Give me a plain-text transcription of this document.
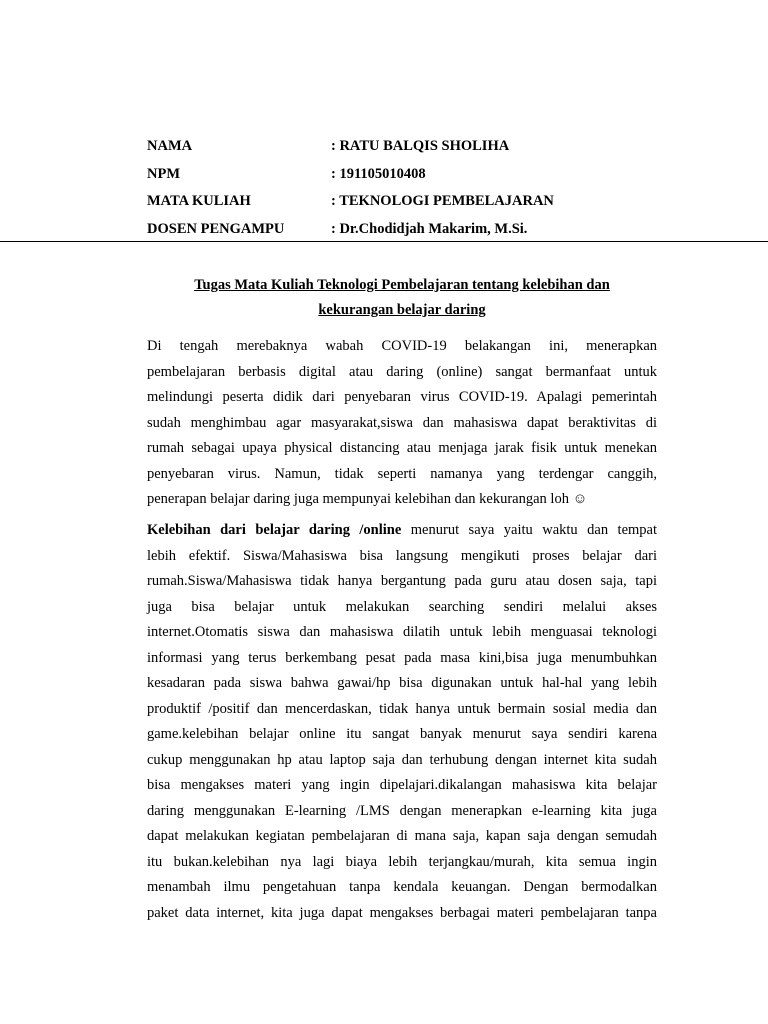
NAMA	: RATU BALQIS SHOLIHA
NPM	: 191105010408
MATA KULIAH	: TEKNOLOGI PEMBELAJARAN
DOSEN PENGAMPU	: Dr.Chodidjah Makarim, M.Si.
Tugas Mata Kuliah Teknologi Pembelajaran tentang kelebihan dan
kekurangan belajar daring
Di tengah merebaknya wabah COVID-19 belakangan ini, menerapkan
pembelajaran berbasis digital atau daring (online) sangat bermanfaat untuk
melindungi peserta didik dari penyebaran virus COVID-19. Apalagi pemerintah
sudah menghimbau agar masyarakat,siswa dan mahasiswa dapat beraktivitas di
rumah sebagai upaya physical distancing atau menjaga jarak fisik untuk menekan
penyebaran virus. Namun, tidak seperti namanya yang terdengar canggih,
penerapan belajar daring juga mempunyai kelebihan dan kekurangan loh ☺
Kelebihan dari belajar daring /online menurut saya yaitu waktu dan tempat
lebih efektif. Siswa/Mahasiswa bisa langsung mengikuti proses belajar dari
rumah.Siswa/Mahasiswa tidak hanya bergantung pada guru atau dosen saja, tapi
juga bisa belajar untuk melakukan searching sendiri melalui akses
internet.Otomatis siswa dan mahasiswa dilatih untuk lebih menguasai teknologi
informasi yang terus berkembang pesat pada masa kini,bisa juga menumbuhkan
kesadaran pada siswa bahwa gawai/hp bisa digunakan untuk hal-hal yang lebih
produktif /positif dan mencerdaskan, tidak hanya untuk bermain sosial media dan
game.kelebihan belajar online itu sangat banyak menurut saya sendiri karena
cukup menggunakan hp atau laptop saja dan terhubung dengan internet kita sudah
bisa mengakses materi yang ingin dipelajari.dikalangan mahasiswa kita belajar
daring menggunakan E-learning /LMS dengan menerapkan e-learning kita juga
dapat melakukan kegiatan pembelajaran di mana saja, kapan saja dengan semudah
itu bukan.kelebihan nya lagi biaya lebih terjangkau/murah, kita semua ingin
menambah ilmu pengetahuan tanpa kendala keuangan. Dengan bermodalkan
paket data internet, kita juga dapat mengakses berbagai materi pembelajaran tanpa
